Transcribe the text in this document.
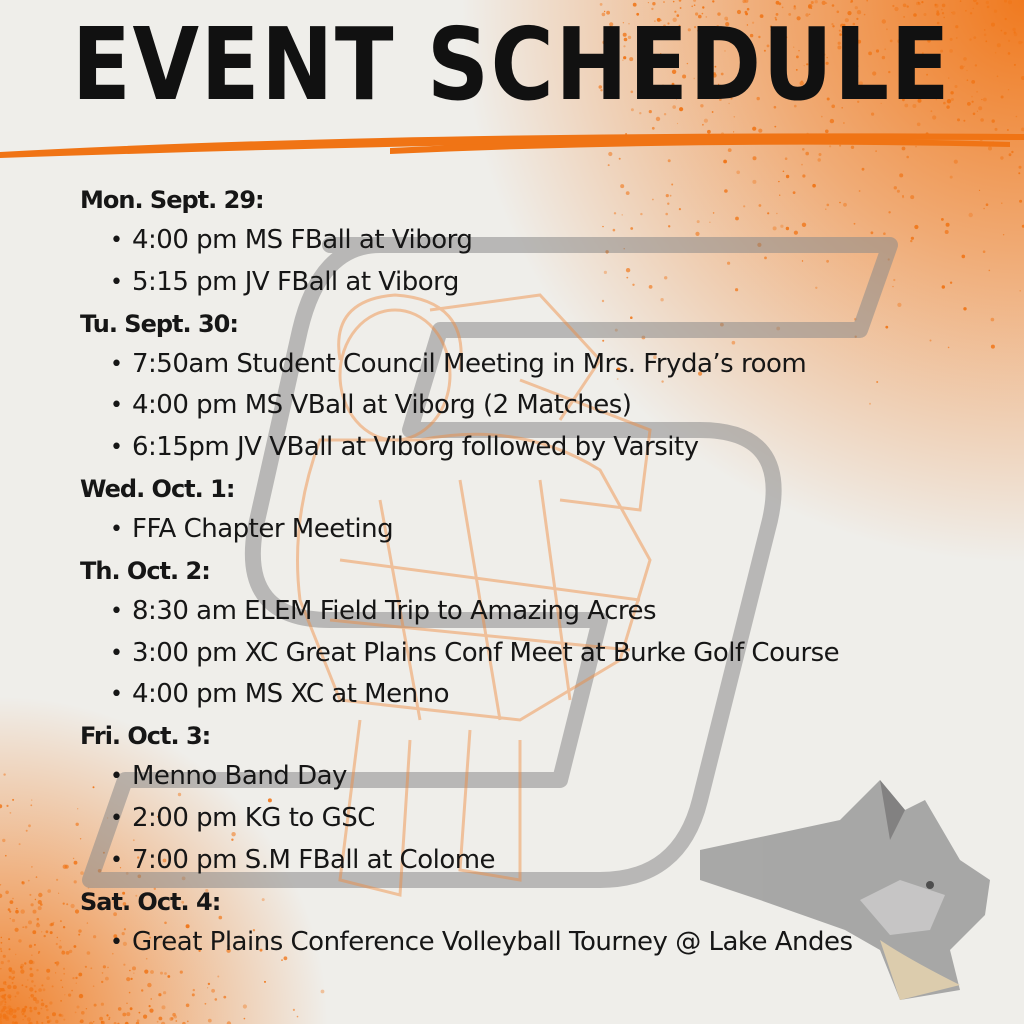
EVENT SCHEDULE
Mon. Sept. 29:
• 4:00 pm MS FBall at Viborg
• 5:15 pm JV FBall at Viborg
Tu. Sept. 30:
• 7:50am Student Council Meeting in Mrs. Fryda’s room
• 4:00 pm MS VBall at Viborg (2 Matches)
• 6:15pm JV VBall at Viborg followed by Varsity
Wed. Oct. 1:
• FFA Chapter Meeting
Th. Oct. 2:
• 8:30 am ELEM Field Trip to Amazing Acres
• 3:00 pm XC Great Plains Conf Meet at Burke Golf Course
• 4:00 pm MS XC at Menno
Fri. Oct. 3:
• Menno Band Day
• 2:00 pm KG to GSC
• 7:00 pm S.M FBall at Colome
Sat. Oct. 4:
• Great Plains Conference Volleyball Tourney @ Lake Andes
